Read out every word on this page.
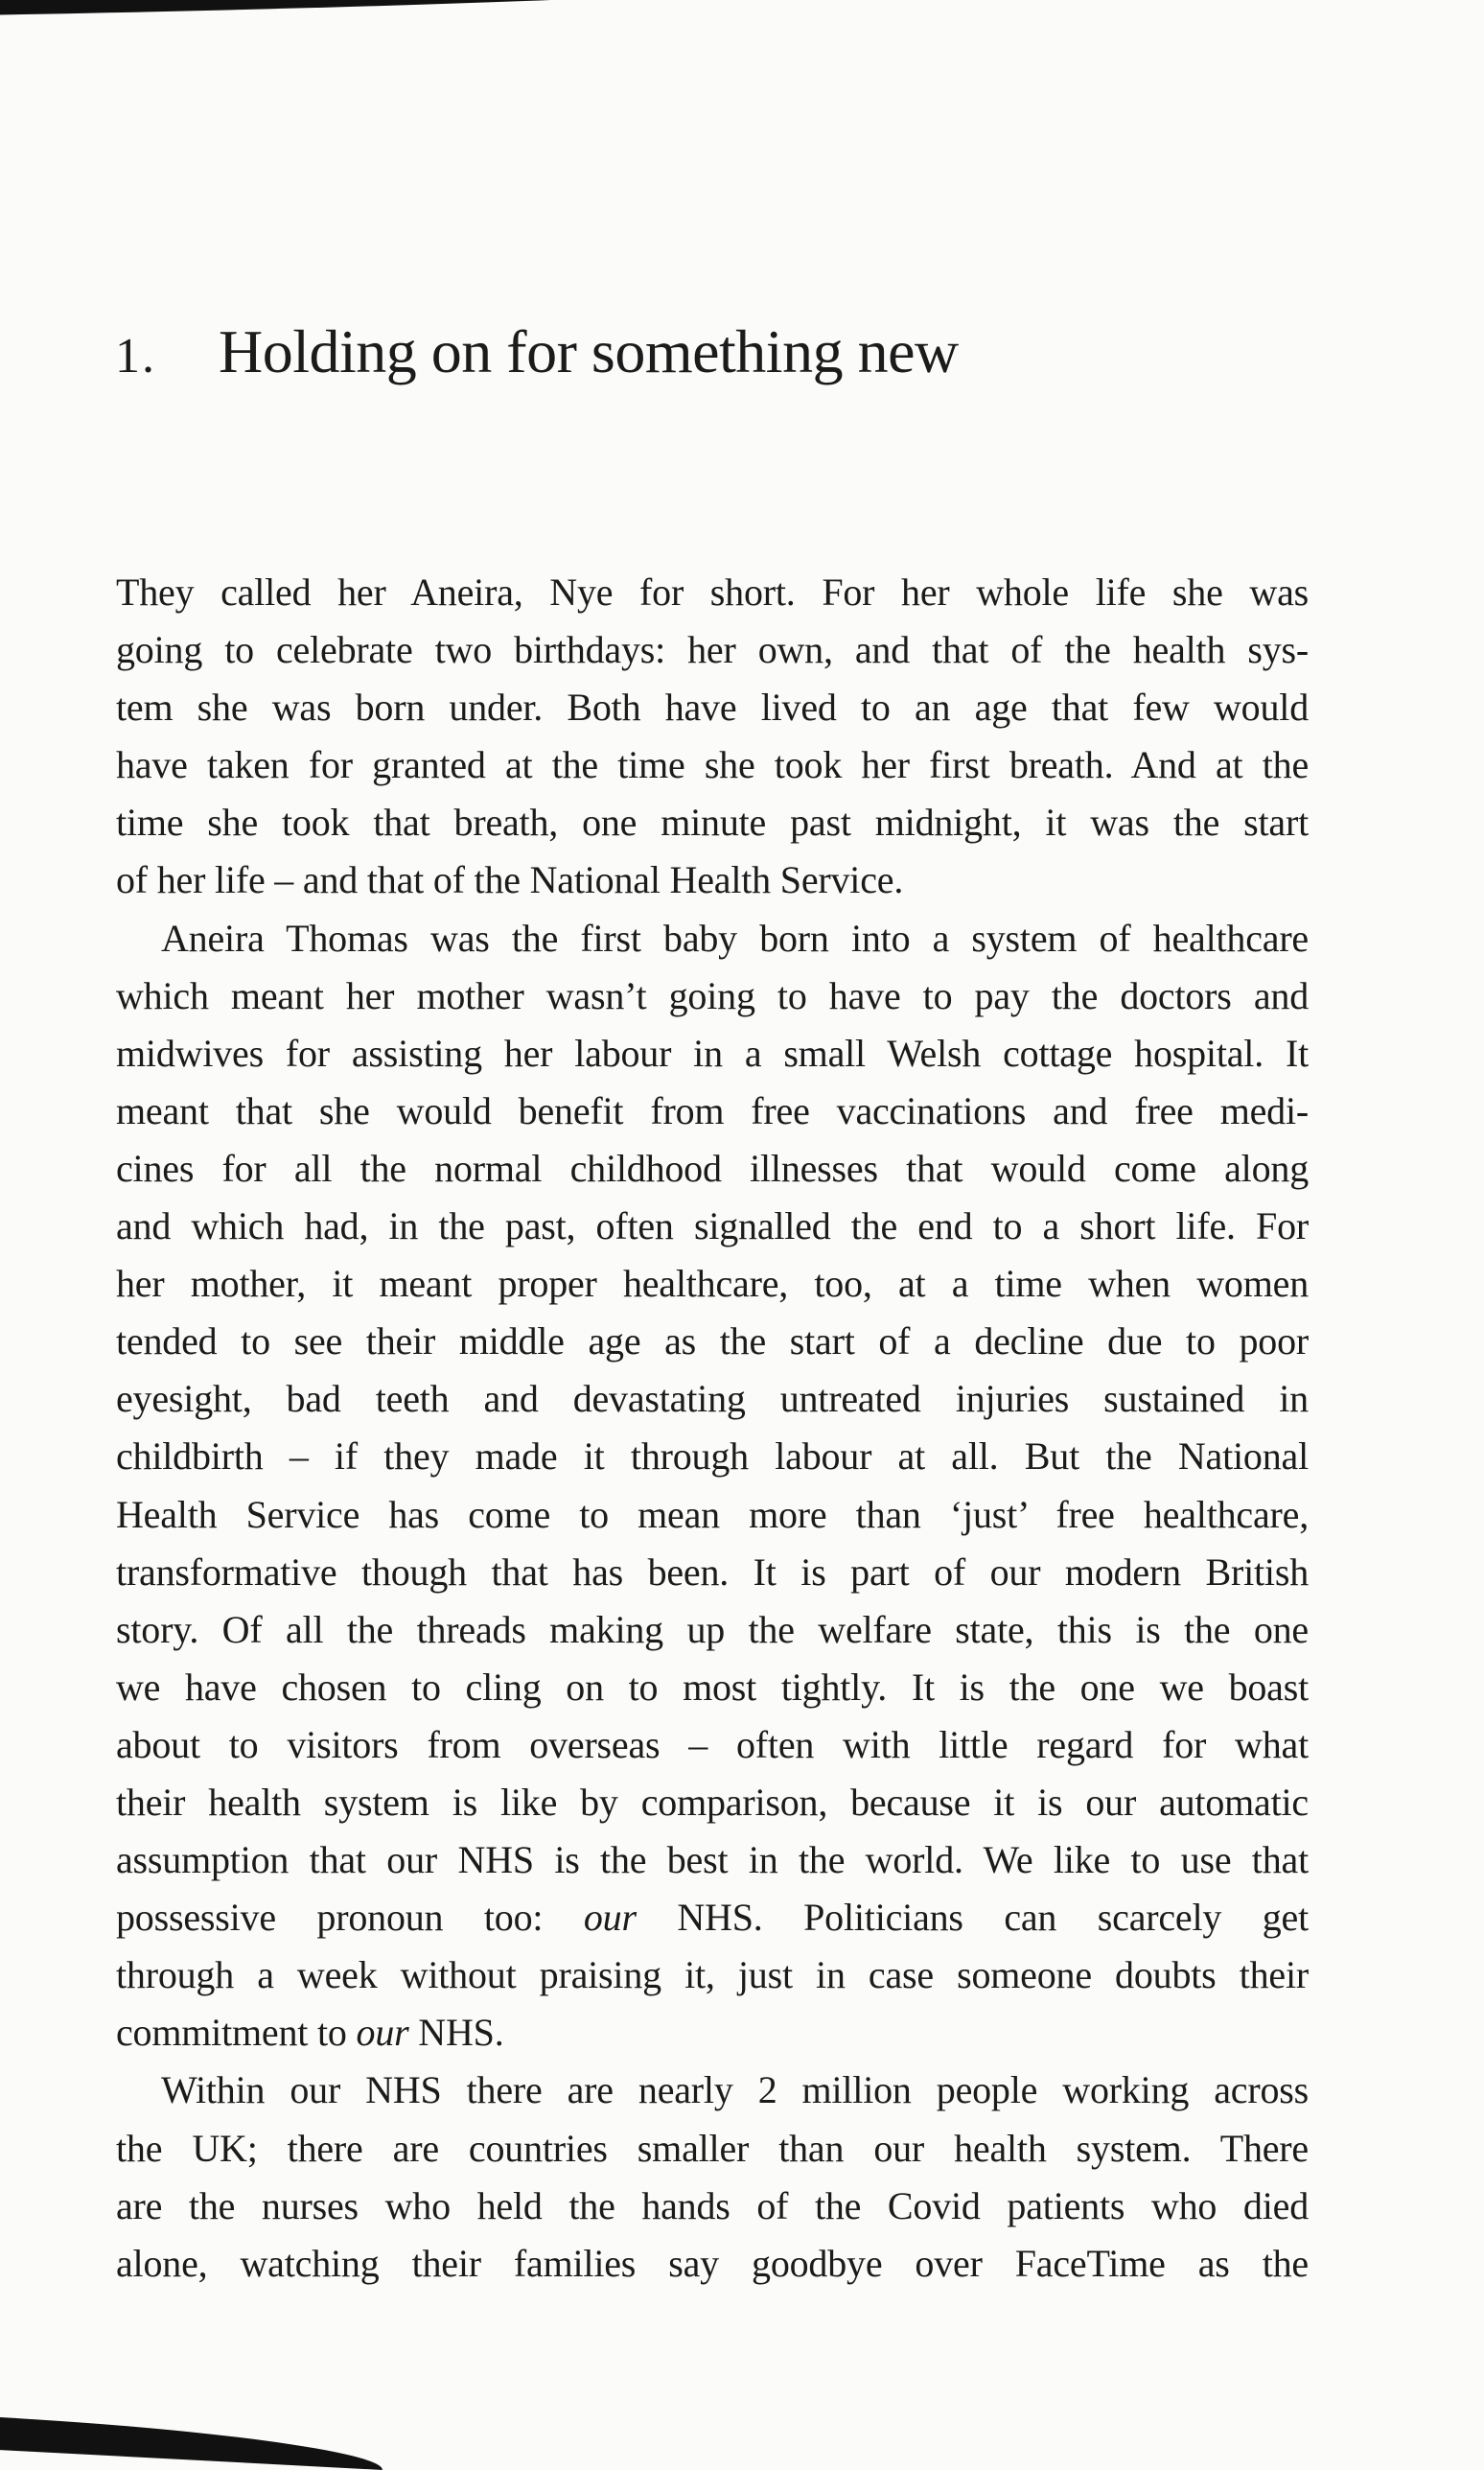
1.	Holding on for something new
They called her Aneira, Nye for short. For her whole life she was
going to celebrate two birthdays: her own, and that of the health sys-
tem she was born under. Both have lived to an age that few would
have taken for granted at the time she took her first breath. And at the
time she took that breath, one minute past midnight, it was the start
of her life – and that of the National Health Service.
Aneira Thomas was the first baby born into a system of healthcare
which meant her mother wasn’t going to have to pay the doctors and
midwives for assisting her labour in a small Welsh cottage hospital. It
meant that she would benefit from free vaccinations and free medi-
cines for all the normal childhood illnesses that would come along
and which had, in the past, often signalled the end to a short life. For
her mother, it meant proper healthcare, too, at a time when women
tended to see their middle age as the start of a decline due to poor
eyesight, bad teeth and devastating untreated injuries sustained in
childbirth – if they made it through labour at all. But the National
Health Service has come to mean more than ‘just’ free healthcare,
transformative though that has been. It is part of our modern British
story. Of all the threads making up the welfare state, this is the one
we have chosen to cling on to most tightly. It is the one we boast
about to visitors from overseas – often with little regard for what
their health system is like by comparison, because it is our automatic
assumption that our NHS is the best in the world. We like to use that
possessive pronoun too: our NHS. Politicians can scarcely get
through a week without praising it, just in case someone doubts their
commitment to our NHS.
Within our NHS there are nearly 2 million people working across
the UK; there are countries smaller than our health system. There
are the nurses who held the hands of the Covid patients who died
alone, watching their families say goodbye over FaceTime as the
